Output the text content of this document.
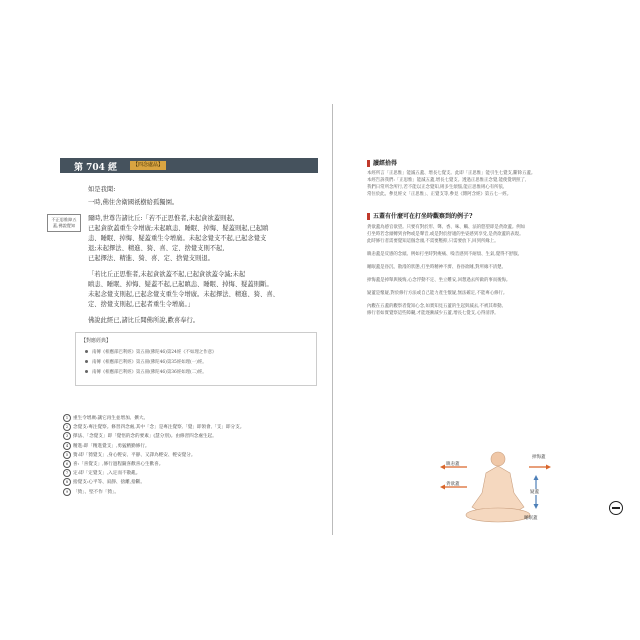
第 704 經	【四念處品】
不正思惟障五蓋,佛說覺知
如是我聞:
一時,佛住舍衛國祇樹給孤獨園。
爾時,世尊告諸比丘:「若不正思惟者,未起貪欲蓋則起,
已起貪欲蓋重生令增廣;未起瞋恚、睡眠、掉悔、疑蓋則起,已起瞋
恚、睡眠、掉悔、疑蓋重生令增廣。未起念覺支不起,已起念覺支
退;未起擇法、精進、猗、喜、定、捨覺支則不起,
已起擇法、精進、猗、喜、定、捨覺支則退。
「若比丘正思惟者,未起貪欲蓋不起,已起貪欲蓋令滅;未起
瞋恚、睡眠、掉悔、疑蓋不起,已起瞋恚、睡眠、掉悔、疑蓋則斷。
未起念覺支則起,已起念覺支重生令增廣。未起擇法、精進、猗、喜、
定、捨覺支則起,已起者重生令增廣。」
佛說此經已,諸比丘聞佛所說,歡喜奉行。
【對應經典】
南傳《相應部巴利經》第五冊(佛陀46)第24經《不如理之作意》
南傳《相應部巴利經》第五冊(佛陀46)第35經如理(一)經。
南傳《相應部巴利經》第五冊(佛陀46)第36經如理(二)經。
1 重生令增廣:讓它再生並增加、擴大。
2 念覺支:專注覺察。修習四念處,其中「念」是專注覺察,「覺」即領會,「支」即分支。
3 擇法、「念覺支」即「覺悟的念的要素」(慧分別)。由修習四念處生起。
4 精進:即「精進覺支」,勇猛精勤修行。
5 猗:即「猗覺支」,身心輕安、平靜、又譯為輕安、輕安覺分。
6 喜:「喜覺支」,修行過程隨喜歡喜心生歡喜。
7 定:即「定覺支」,入定而不散亂。
8 捨覺支:心平等、寂靜、捨離,捨斷。
9 「猗」、堅不作「猗」。
讀經拾得
本經所言「正思惟」能滅五蓋、增長七覺支。此即「正思惟」能引生七覺支,斷除五蓋。
本經告訴我們:「正思惟」能滅五蓋,增長七覺支。透過正思惟正念覺,能使覺明照了,
我們日常所念所行,若不能以正念覺知,則多生煩惱,能正思惟則心有所依,
常住於此。參見經文「正思惟」、正覺支等,參見《雜阿含經》第五七一經。
五蓋有什麼可在打坐時觀察到的例子?
貪欲蓋為感官欲望。只要有對於形、聲、香、味、觸、法的慾望即是貪欲蓋。例如
打坐時若念頭轉到食物或是聲音,或是對於舒適的坐姿感到享受,是貪欲蓋的表現。
此時修行者需要覺知這個念頭,不需要壓抑,只需要放下,回到所緣上。
瞋恚蓋是反感的念頭。例如打坐時對痠痛、噪音感到不耐煩、生氣,覺得不舒服。
睡眠蓋是昏沉、散漫的狀態,打坐時精神不濟、昏昏欲睡,對所緣不清楚。
掉悔蓋是掉舉與後悔,心念浮動不定、坐立難安,回想過去所做的事而後悔。
疑蓋是懷疑,對於修行方法或自己能力產生懷疑,無法確定,不能專心修行。
內觀在五蓋的觀察者覺知心念,如實知見五蓋的生起與滅去,不被其牽動。
修行者如實覺察這些障礙,才能逐漸減少五蓋,增長七覺支,心得清淨。
瞋恚蓋
貪欲蓋
掉悔蓋
疑蓋
睡眠蓋
